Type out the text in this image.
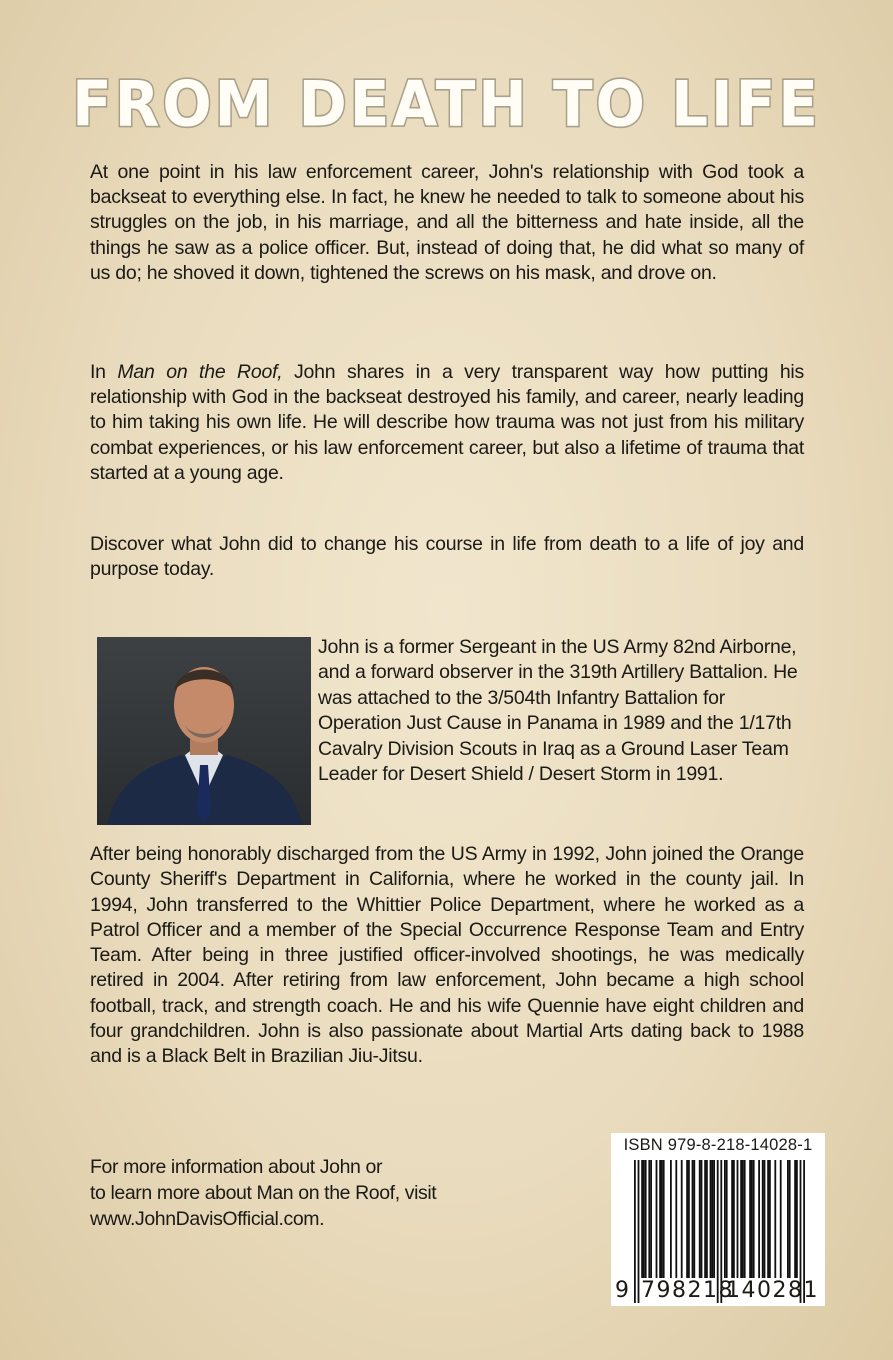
FROM DEATH TO LIFE
At one point in his law enforcement career, John's relationship with God took a backseat to everything else. In fact, he knew he needed to talk to someone about his struggles on the job, in his marriage, and all the bitterness and hate inside, all the things he saw as a police officer. But, instead of doing that, he did what so many of us do; he shoved it down, tightened the screws on his mask, and drove on.
In Man on the Roof, John shares in a very transparent way how putting his relationship with God in the backseat destroyed his family, and career, nearly leading to him taking his own life. He will describe how trauma was not just from his military combat experiences, or his law enforcement career, but also a lifetime of trauma that started at a young age.
Discover what John did to change his course in life from death to a life of joy and purpose today.
John is a former Sergeant in the US Army 82nd Airborne, and a forward observer in the 319th Artillery Battalion. He was attached to the 3/504th Infantry Battalion for Operation Just Cause in Panama in 1989 and the 1/17th Cavalry Division Scouts in Iraq as a Ground Laser Team Leader for Desert Shield / Desert Storm in 1991.
After being honorably discharged from the US Army in 1992, John joined the Orange County Sheriff's Department in California, where he worked in the county jail. In 1994, John transferred to the Whittier Police Department, where he worked as a Patrol Officer and a member of the Special Occurrence Response Team and Entry Team. After being in three justified officer-involved shootings, he was medically retired in 2004. After retiring from law enforcement, John became a high school football, track, and strength coach. He and his wife Quennie have eight children and four grandchildren. John is also passionate about Martial Arts dating back to 1988 and is a Black Belt in Brazilian Jiu-Jitsu.
For more information about John or
to learn more about Man on the Roof, visit
www.JohnDavisOfficial.com.
ISBN 979-8-218-14028-1
9 798218
140281
